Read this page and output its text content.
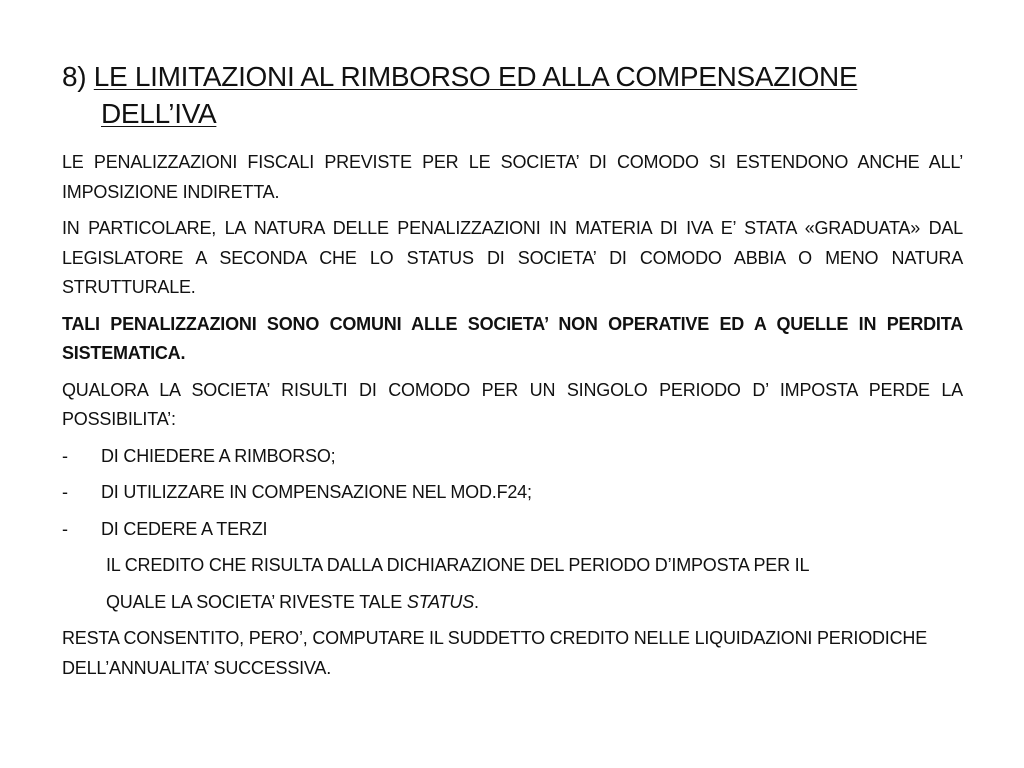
8) LE LIMITAZIONI AL RIMBORSO ED ALLA COMPENSAZIONE
DELL’IVA

LE PENALIZZAZIONI FISCALI PREVISTE PER LE SOCIETA’ DI COMODO SI ESTENDONO ANCHE ALL’ IMPOSIZIONE INDIRETTA.

IN PARTICOLARE, LA NATURA DELLE PENALIZZAZIONI IN MATERIA DI IVA E’ STATA «GRADUATA» DAL LEGISLATORE A SECONDA CHE LO STATUS DI SOCIETA’ DI COMODO ABBIA O MENO NATURA STRUTTURALE.

TALI PENALIZZAZIONI SONO COMUNI ALLE SOCIETA’ NON OPERATIVE ED A QUELLE IN PERDITA SISTEMATICA.

QUALORA LA SOCIETA’ RISULTI DI COMODO PER UN SINGOLO PERIODO D’ IMPOSTA PERDE LA POSSIBILITA’:

-	DI CHIEDERE A RIMBORSO;
-	DI UTILIZZARE IN COMPENSAZIONE NEL MOD.F24;
-	DI CEDERE A TERZI
IL CREDITO CHE RISULTA DALLA DICHIARAZIONE DEL PERIODO D’IMPOSTA PER IL
QUALE LA SOCIETA’ RIVESTE TALE STATUS.

RESTA CONSENTITO, PERO’, COMPUTARE IL SUDDETTO CREDITO NELLE LIQUIDAZIONI PERIODICHE DELL’ANNUALITA’ SUCCESSIVA.
